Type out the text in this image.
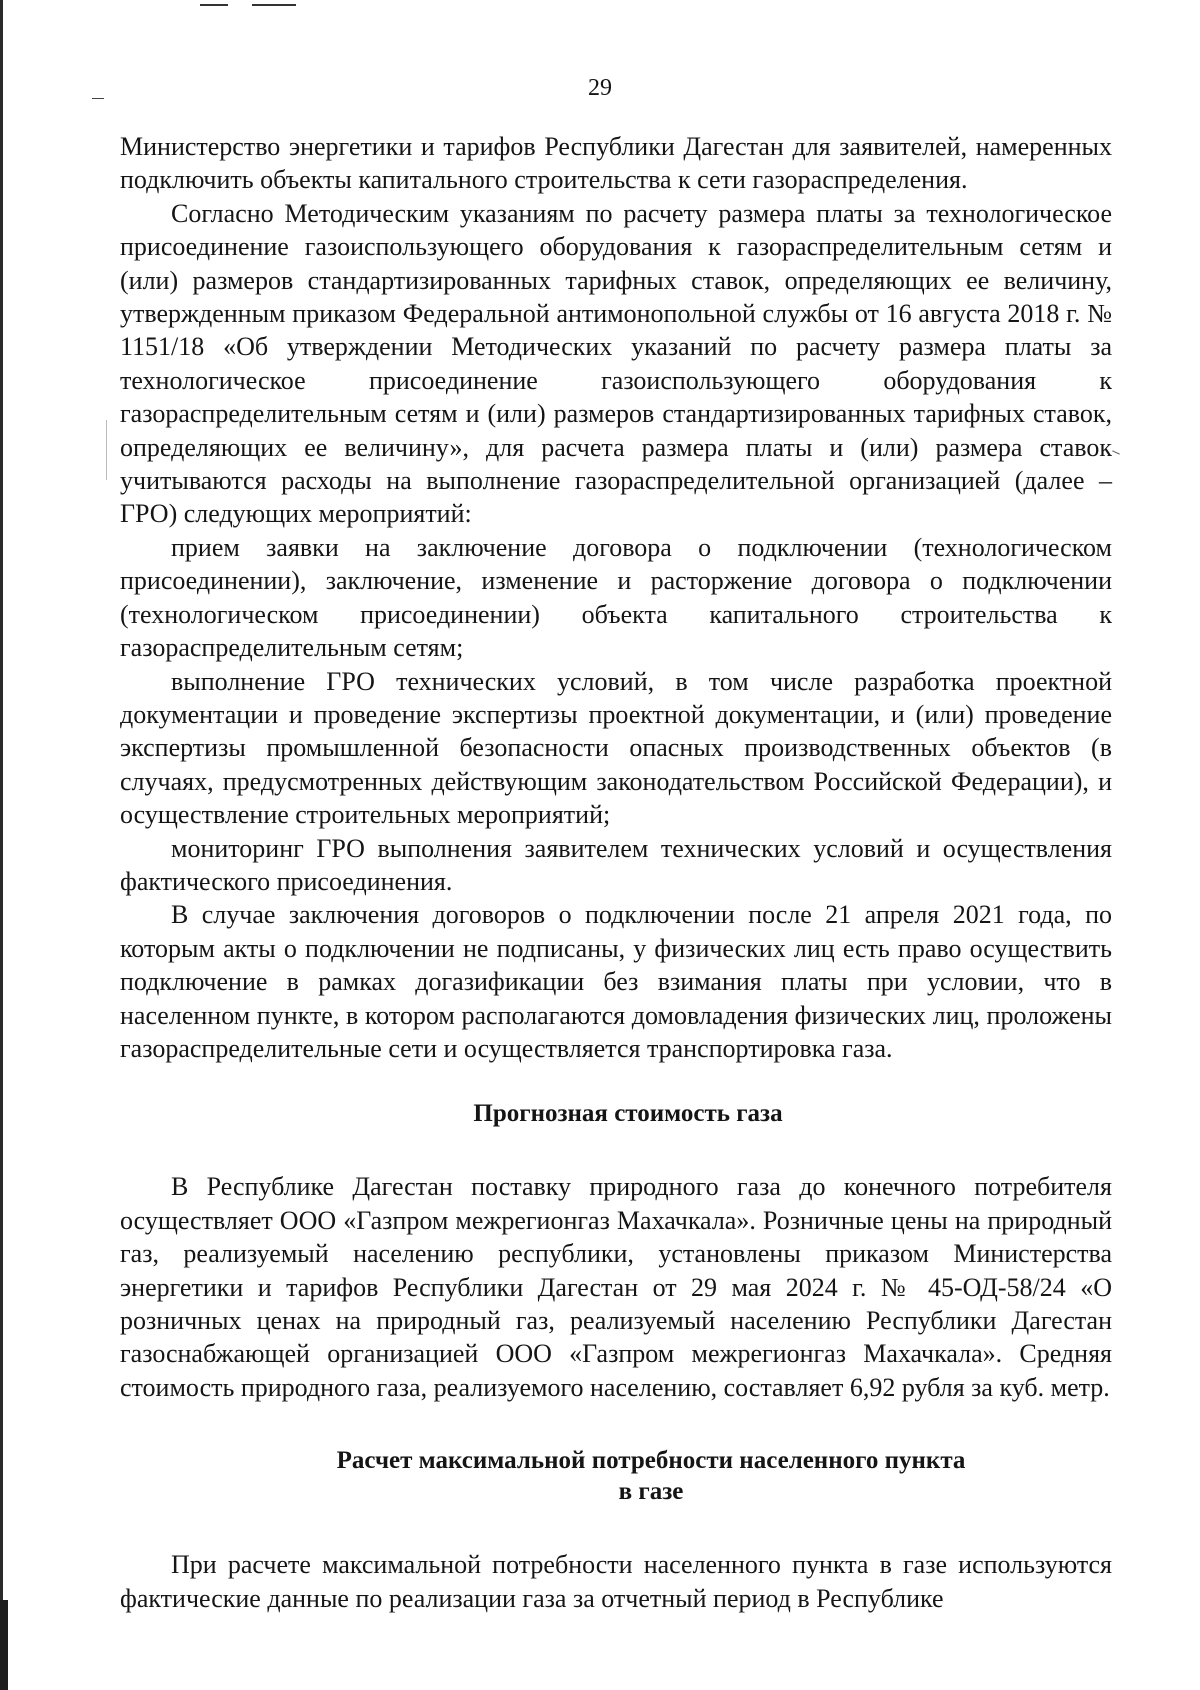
29

Министерство энергетики и тарифов Республики Дагестан для заявителей, намеренных подключить объекты капитального строительства к сети газораспределения.

Согласно Методическим указаниям по расчету размера платы за технологическое присоединение газоиспользующего оборудования к газораспределительным сетям и (или) размеров стандартизированных тарифных ставок, определяющих ее величину, утвержденным приказом Федеральной антимонопольной службы от 16 августа 2018 г. № 1151/18 «Об утверждении Методических указаний по расчету размера платы за технологическое присоединение газоиспользующего оборудования к газораспределительным сетям и (или) размеров стандартизированных тарифных ставок, определяющих ее величину», для расчета размера платы и (или) размера ставок учитываются расходы на выполнение газораспределительной организацией (далее – ГРО) следующих мероприятий:

прием заявки на заключение договора о подключении (технологическом присоединении), заключение, изменение и расторжение договора о подключении (технологическом присоединении) объекта капитального строительства к газораспределительным сетям;

выполнение ГРО технических условий, в том числе разработка проектной документации и проведение экспертизы проектной документации, и (или) проведение экспертизы промышленной безопасности опасных производственных объектов (в случаях, предусмотренных действующим законодательством Российской Федерации), и осуществление строительных мероприятий;

мониторинг ГРО выполнения заявителем технических условий и осуществления фактического присоединения.

В случае заключения договоров о подключении после 21 апреля 2021 года, по которым акты о подключении не подписаны, у физических лиц есть право осуществить подключение в рамках догазификации без взимания платы при условии, что в населенном пункте, в котором располагаются домовладения физических лиц, проложены газораспределительные сети и осуществляется транспортировка газа.

Прогнозная стоимость газа

В Республике Дагестан поставку природного газа до конечного потребителя осуществляет ООО «Газпром межрегионгаз Махачкала». Розничные цены на природный газ, реализуемый населению республики, установлены приказом Министерства энергетики и тарифов Республики Дагестан от 29 мая 2024 г. № 45-ОД-58/24 «О розничных ценах на природный газ, реализуемый населению Республики Дагестан газоснабжающей организацией ООО «Газпром межрегионгаз Махачкала». Средняя стоимость природного газа, реализуемого населению, составляет 6,92 рубля за куб. метр.

Расчет максимальной потребности населенного пункта
в газе

При расчете максимальной потребности населенного пункта в газе используются фактические данные по реализации газа за отчетный период в Республике
